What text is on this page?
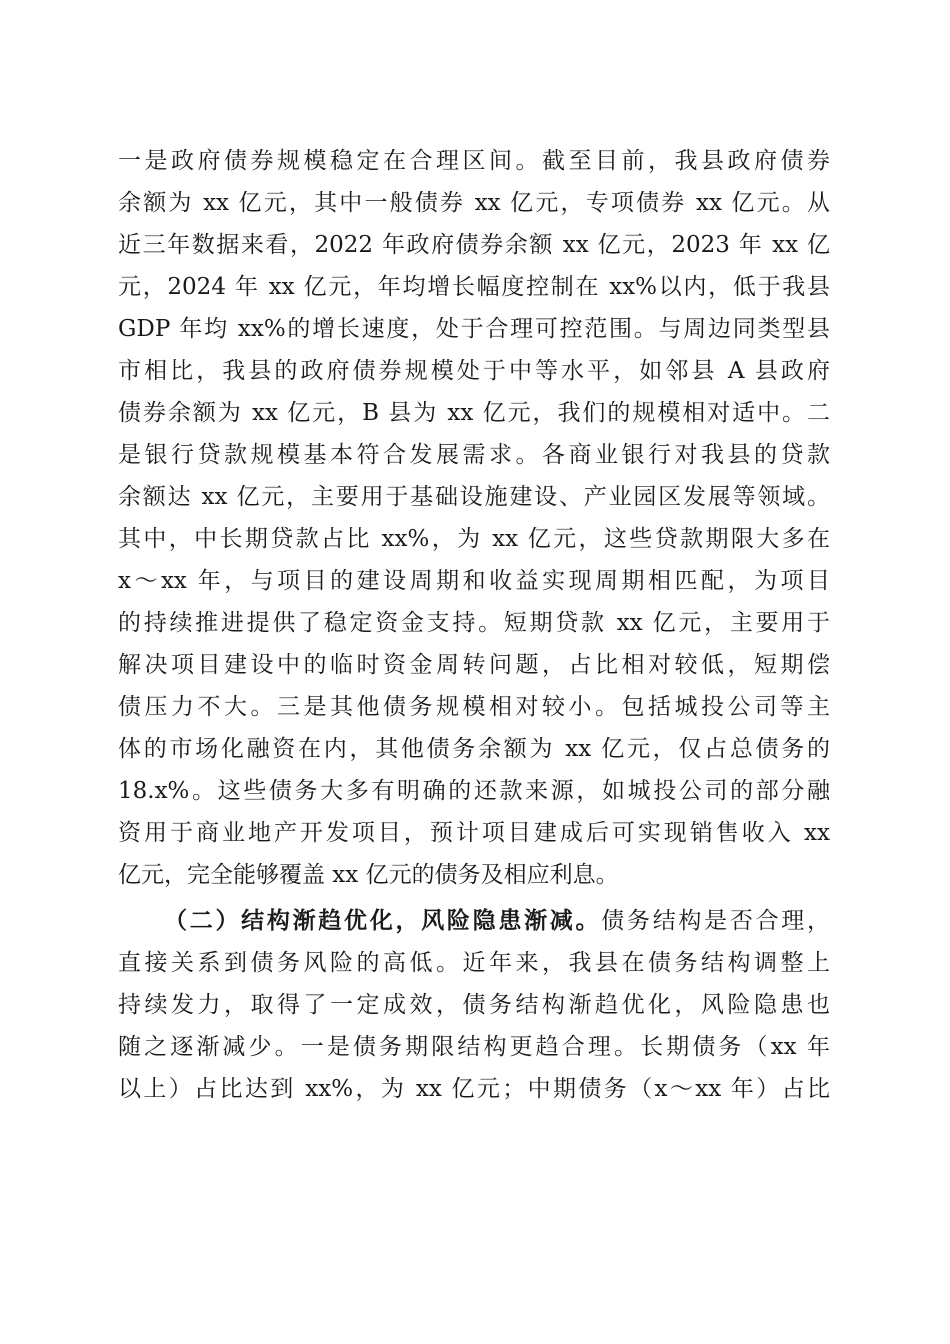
一是政府债券规模稳定在合理区间。截至目前，我县政府债券
余额为 xx 亿元，其中一般债券 xx 亿元，专项债券 xx 亿元。从
近三年数据来看，2022 年政府债券余额 xx 亿元，2023 年 xx 亿
元，2024 年 xx 亿元，年均增长幅度控制在 xx%以内，低于我县
GDP 年均 xx%的增长速度，处于合理可控范围。与周边同类型县
市相比，我县的政府债券规模处于中等水平，如邻县 A 县政府
债券余额为 xx 亿元，B 县为 xx 亿元，我们的规模相对适中。二
是银行贷款规模基本符合发展需求。各商业银行对我县的贷款
余额达 xx 亿元，主要用于基础设施建设、产业园区发展等领域。
其中，中长期贷款占比 xx%，为 xx 亿元，这些贷款期限大多在
x～xx 年，与项目的建设周期和收益实现周期相匹配，为项目
的持续推进提供了稳定资金支持。短期贷款 xx 亿元，主要用于
解决项目建设中的临时资金周转问题，占比相对较低，短期偿
债压力不大。三是其他债务规模相对较小。包括城投公司等主
体的市场化融资在内，其他债务余额为 xx 亿元，仅占总债务的
18.x%。这些债务大多有明确的还款来源，如城投公司的部分融
资用于商业地产开发项目，预计项目建成后可实现销售收入 xx
亿元，完全能够覆盖 xx 亿元的债务及相应利息。
（二）结构渐趋优化，风险隐患渐减。债务结构是否合理，
直接关系到债务风险的高低。近年来，我县在债务结构调整上
持续发力，取得了一定成效，债务结构渐趋优化，风险隐患也
随之逐渐减少。一是债务期限结构更趋合理。长期债务（xx 年
以上）占比达到 xx%，为 xx 亿元；中期债务（x～xx 年）占比
